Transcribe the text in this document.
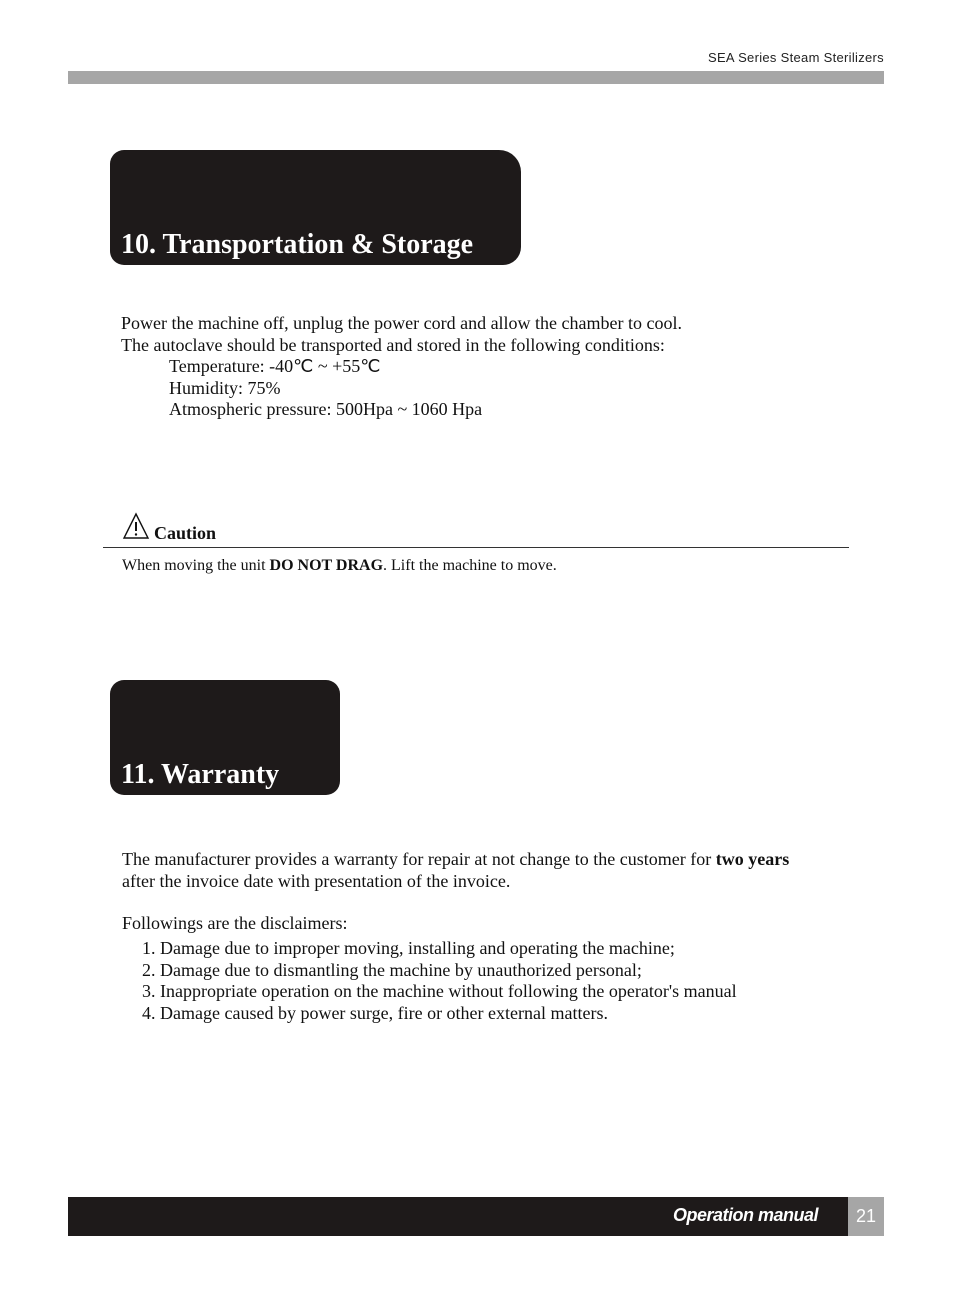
SEA Series Steam Sterilizers
10. Transportation & Storage
Power the machine off, unplug the power cord and allow the chamber to cool.
The autoclave should be transported and stored in the following conditions:
Temperature: -40℃ ~ +55℃
Humidity: 75%
Atmospheric pressure: 500Hpa ~ 1060 Hpa
Caution
When moving the unit DO NOT DRAG. Lift the machine to move.
11. Warranty
The manufacturer provides a warranty for repair at not change to the customer for two years
after the invoice date with presentation of the invoice.
Followings are the disclaimers:
1. Damage due to improper moving, installing and operating the machine;
2. Damage due to dismantling the machine by unauthorized personal;
3. Inappropriate operation on the machine without following the operator's manual
4. Damage caused by power surge, fire or other external matters.
Operation manual	21
